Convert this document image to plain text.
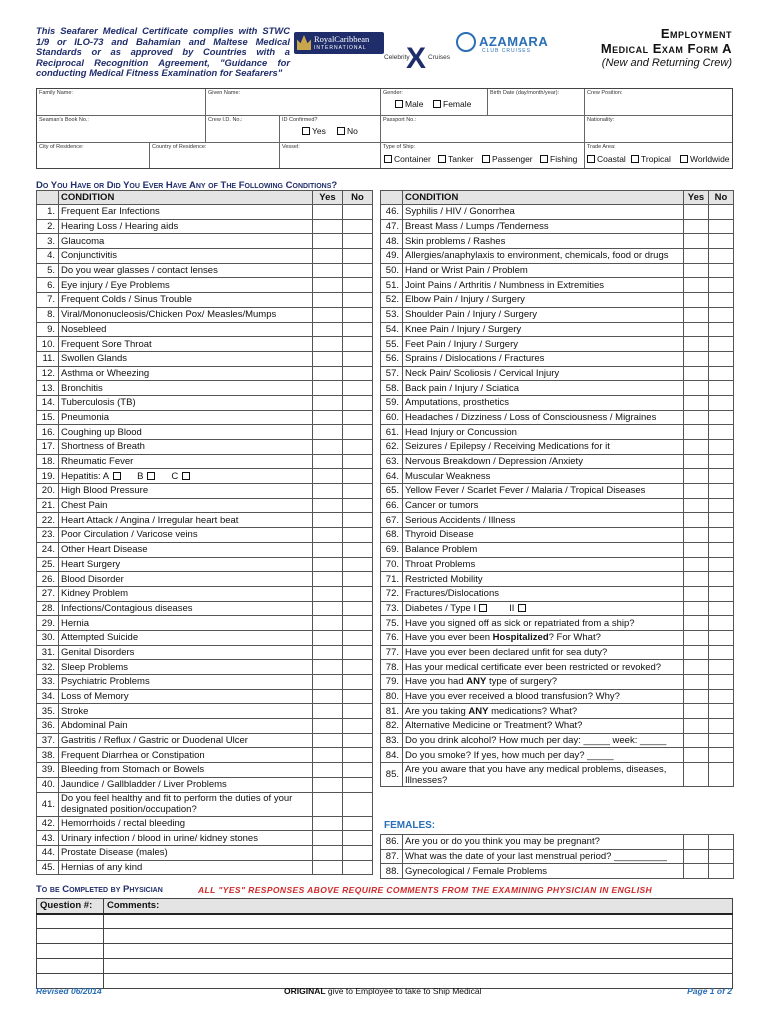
This Seafarer Medical Certificate complies with STWC 1/9 or ILO-73 and Bahamian and Maltese Medical Standards or as approved by Countries with a Reciprocal Recognition Agreement, "Guidance for conducting Medical Fitness Examination for Seafarers"
RoyalCaribbean
INTERNATIONAL
Celebrity
X Cruises
AZAMARA
CLUB CRUISES
Employment
Medical Exam Form A
(New and Returning Crew)
Family Name:	Given Name:	Gender:
Male	Female
Birth Date (day/month/year):	Crew Position:
Seaman's Book No.:	Crew I.D. No.:	ID Confirmed?
Yes	No
Passport No.:	Nationality:
City of Residence:	Country of Residence:	Vessel:	Type of Ship:
Container	Tanker	Passenger	Fishing
Trade Area:
Coastal	Tropical	Worldwide
Do You Have or Did You Ever Have Any of The Following Conditions?
	CONDITION	Yes	No
1.	Frequent Ear Infections		
2.	Hearing Loss / Hearing aids		
3.	Glaucoma		
4.	Conjunctivitis		
5.	Do you wear glasses / contact lenses		
6.	Eye injury / Eye Problems		
7.	Frequent Colds / Sinus Trouble		
8.	Viral/Mononucleosis/Chicken Pox/ Measles/Mumps		
9.	Nosebleed		
10.	Frequent Sore Throat		
11.	Swollen Glands		
12.	Asthma or Wheezing		
13.	Bronchitis		
14.	Tuberculosis (TB)		
15.	Pneumonia		
16.	Coughing up Blood		
17.	Shortness of Breath		
18.	Rheumatic Fever		
19.	Hepatitis: A B C		
20.	High Blood Pressure		
21.	Chest Pain		
22.	Heart Attack / Angina / Irregular heart beat		
23.	Poor Circulation / Varicose veins		
24.	Other Heart Disease		
25.	Heart Surgery		
26.	Blood Disorder		
27.	Kidney Problem		
28.	Infections/Contagious diseases		
29.	Hernia		
30.	Attempted Suicide		
31.	Genital Disorders		
32.	Sleep Problems		
33.	Psychiatric Problems		
34.	Loss of Memory		
35.	Stroke		
36.	Abdominal Pain		
37.	Gastritis / Reflux / Gastric or Duodenal Ulcer		
38.	Frequent Diarrhea or Constipation		
39.	Bleeding from Stomach or Bowels		
40.	Jaundice / Gallbladder / Liver Problems		
41.	Do you feel healthy and fit to perform the duties of your designated position/occupation?		
42.	Hemorrhoids / rectal bleeding		
43.	Urinary infection / blood in urine/ kidney stones		
44.	Prostate Disease (males)		
45.	Hernias of any kind		
	CONDITION	Yes	No
46.	Syphilis / HIV / Gonorrhea		
47.	Breast Mass / Lumps /Tenderness		
48.	Skin problems / Rashes		
49.	Allergies/anaphylaxis to environment, chemicals, food or drugs		
50.	Hand or Wrist Pain / Problem		
51.	Joint Pains / Arthritis / Numbness in Extremities		
52.	Elbow Pain / Injury / Surgery		
53.	Shoulder Pain / Injury / Surgery		
54.	Knee Pain / Injury / Surgery		
55.	Feet Pain / Injury / Surgery		
56.	Sprains / Dislocations / Fractures		
57.	Neck Pain/ Scoliosis / Cervical Injury		
58.	Back pain / Injury / Sciatica		
59.	Amputations, prosthetics		
60.	Headaches / Dizziness / Loss of Consciousness / Migraines		
61.	Head Injury or Concussion		
62.	Seizures / Epilepsy / Receiving Medications for it		
63.	Nervous Breakdown / Depression /Anxiety		
64.	Muscular Weakness		
65.	Yellow Fever / Scarlet Fever / Malaria / Tropical Diseases		
66.	Cancer or tumors		
67.	Serious Accidents / Illness		
68.	Thyroid Disease		
69.	Balance Problem		
70.	Throat Problems		
71.	Restricted Mobility		
72.	Fractures/Dislocations		
73.	Diabetes / Type I II		
75.	Have you signed off as sick or repatriated from a ship?		
76.	Have you ever been Hospitalized? For What?		
77.	Have you ever been declared unfit for sea duty?		
78.	Has your medical certificate ever been restricted or revoked?		
79.	Have you had ANY type of surgery?		
80.	Have you ever received a blood transfusion? Why?		
81.	Are you taking ANY medications? What?		
82.	Alternative Medicine or Treatment? What?		
83.	Do you drink alcohol? How much per day: _____ week: _____		
84.	Do you smoke? If yes, how much per day? _____		
85.	Are you aware that you have any medical problems, diseases, Illnesses?		
FEMALES:
86.	Are you or do you think you may be pregnant?		
87.	What was the date of your last menstrual period? __________		
88.	Gynecological / Female Problems		
To be Completed by Physician	ALL "YES" RESPONSES ABOVE REQUIRE COMMENTS FROM THE EXAMINING PHYSICIAN IN ENGLISH
Question #:	Comments:

Revised 06/2014	ORIGINAL give to Employee to take to Ship Medical	Page 1 of 2
